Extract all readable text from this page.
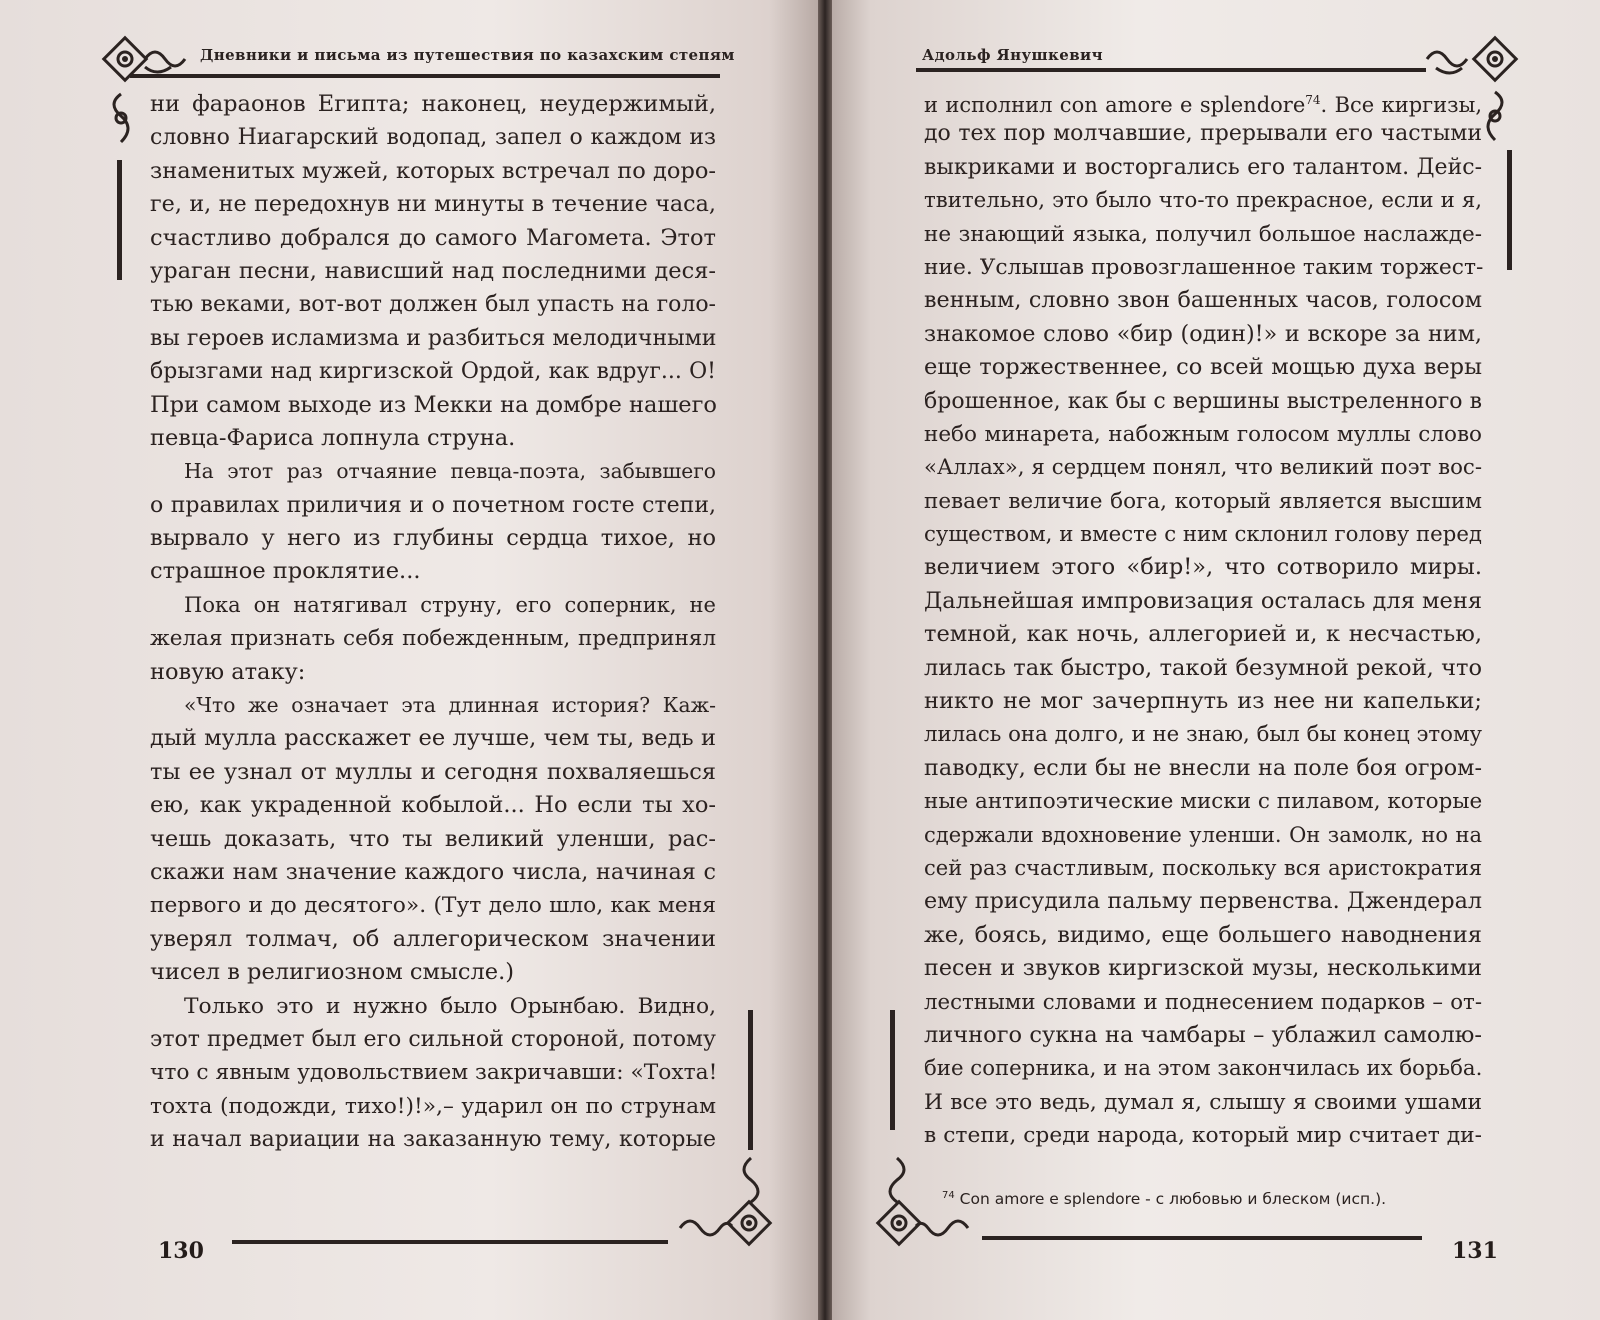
Дневники и письма из путешествия по казахским степям
ни фараонов Египта; наконец, неудержимый,
словно Ниагарский водопад, запел о каждом из
знаменитых мужей, которых встречал по доро-
ге, и, не передохнув ни минуты в течение часа,
счастливо добрался до самого Магомета. Этот
ураган песни, нависший над последними деся-
тью веками, вот-вот должен был упасть на голо-
вы героев исламизма и разбиться мелодичными
брызгами над киргизской Ордой, как вдруг... О!
При самом выходе из Мекки на домбре нашего
певца-Фариса лопнула струна.
На этот раз отчаяние певца-поэта, забывшего
о правилах приличия и о почетном госте степи,
вырвало у него из глубины сердца тихое, но
страшное проклятие...
Пока он натягивал струну, его соперник, не
желая признать себя побежденным, предпринял
новую атаку:
«Что же означает эта длинная история? Каж-
дый мулла расскажет ее лучше, чем ты, ведь и
ты ее узнал от муллы и сегодня похваляешься
ею, как украденной кобылой... Но если ты хо-
чешь доказать, что ты великий уленши, рас-
скажи нам значение каждого числа, начиная с
первого и до десятого». (Тут дело шло, как меня
уверял толмач, об аллегорическом значении
чисел в религиозном смысле.)
Только это и нужно было Орынбаю. Видно,
этот предмет был его сильной стороной, потому
что с явным удовольствием закричавши: «Тохта!
тохта (подожди, тихо!)!»,– ударил он по струнам
и начал вариации на заказанную тему, которые
130
Адольф Янушкевич
и исполнил con amore e splendore$^{74}$. Все киргизы,
до тех пор молчавшие, прерывали его частыми
выкриками и восторгались его талантом. Дейс-
твительно, это было что-то прекрасное, если и я,
не знающий языка, получил большое наслажде-
ние. Услышав провозглашенное таким торжест-
венным, словно звон башенных часов, голосом
знакомое слово «бир (один)!» и вскоре за ним,
еще торжественнее, со всей мощью духа веры
брошенное, как бы с вершины выстреленного в
небо минарета, набожным голосом муллы слово
«Аллах», я сердцем понял, что великий поэт вос-
певает величие бога, который является высшим
существом, и вместе с ним склонил голову перед
величием этого «бир!», что сотворило миры.
Дальнейшая импровизация осталась для меня
темной, как ночь, аллегорией и, к несчастью,
лилась так быстро, такой безумной рекой, что
никто не мог зачерпнуть из нее ни капельки;
лилась она долго, и не знаю, был бы конец этому
паводку, если бы не внесли на поле боя огром-
ные антипоэтические миски с пилавом, которые
сдержали вдохновение уленши. Он замолк, но на
сей раз счастливым, поскольку вся аристократия
ему присудила пальму первенства. Джендерал
же, боясь, видимо, еще большего наводнения
песен и звуков киргизской музы, несколькими
лестными словами и поднесением подарков – от-
личного сукна на чамбары – ублажил самолю-
бие соперника, и на этом закончилась их борьба.
И все это ведь, думал я, слышу я своими ушами
в степи, среди народа, который мир считает ди-
$^{74}$ Con amore e splendore - с любовью и блеском (исп.).
131
